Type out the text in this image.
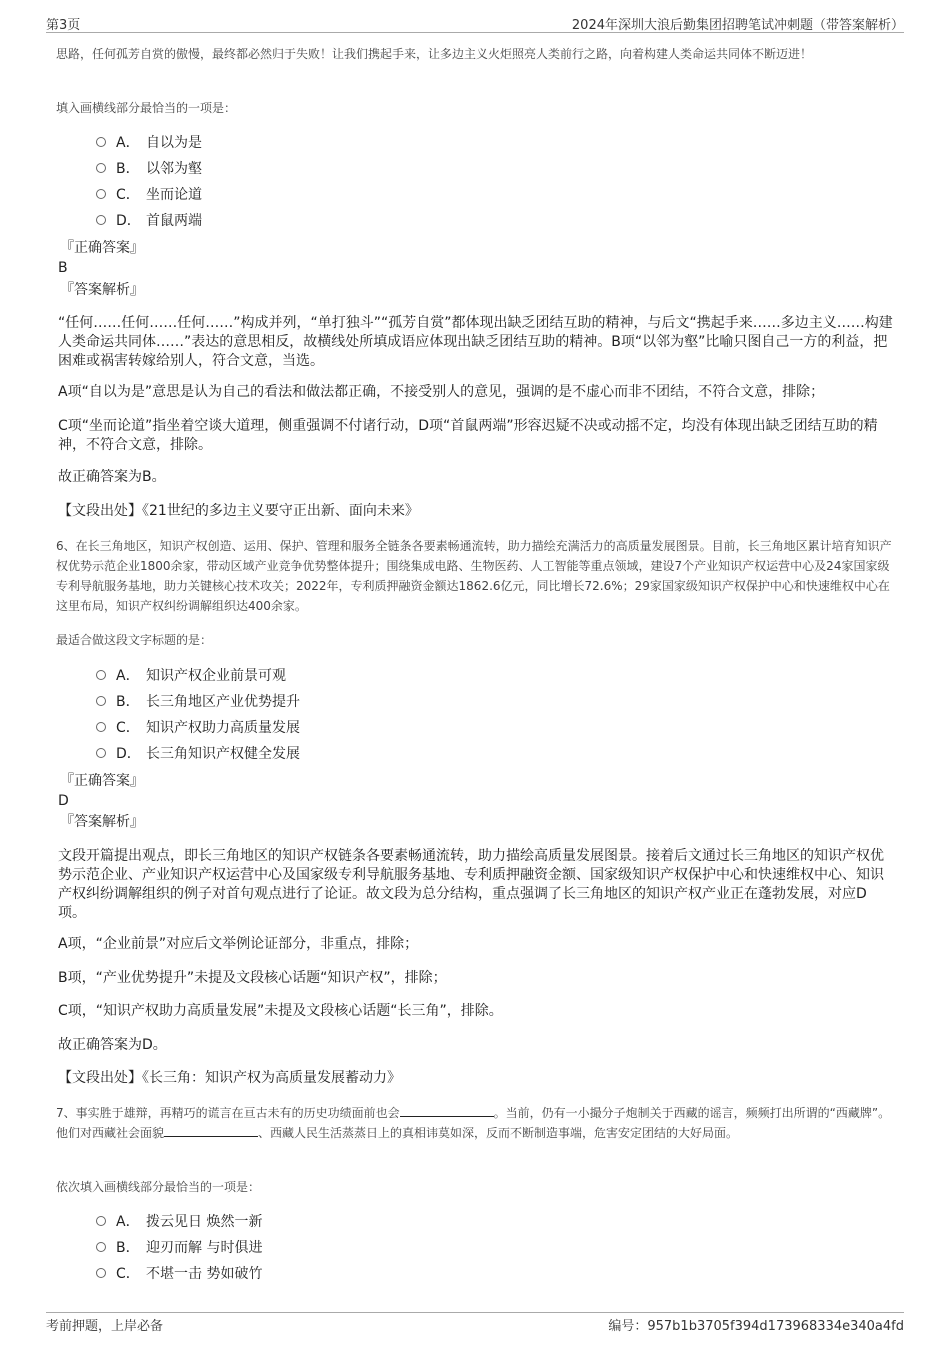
第3页	2024年深圳大浪后勤集团招聘笔试冲刺题（带答案解析）

思路，任何孤芳自赏的傲慢，最终都必然归于失败！让我们携起手来，让多边主义火炬照亮人类前行之路，向着构建人类命运共同体不断迈进！

填入画横线部分最恰当的一项是：

A． 自以为是
B． 以邻为壑
C． 坐而论道
D． 首鼠两端
『正确答案』
B
『答案解析』

“任何……任何……任何……”构成并列，“单打独斗”“孤芳自赏”都体现出缺乏团结互助的精神，与后文“携起手来……多边主义……构建人类命运共同体……”表达的意思相反，故横线处所填成语应体现出缺乏团结互助的精神。B项“以邻为壑”比喻只图自己一方的利益，把困难或祸害转嫁给别人，符合文意，当选。

A项“自以为是”意思是认为自己的看法和做法都正确，不接受别人的意见，强调的是不虚心而非不团结，不符合文意，排除；

C项“坐而论道”指坐着空谈大道理，侧重强调不付诸行动，D项“首鼠两端”形容迟疑不决或动摇不定，均没有体现出缺乏团结互助的精神，不符合文意，排除。

故正确答案为B。

【文段出处】《21世纪的多边主义要守正出新、面向未来》

6、在长三角地区，知识产权创造、运用、保护、管理和服务全链条各要素畅通流转，助力描绘充满活力的高质量发展图景。目前，长三角地区累计培育知识产权优势示范企业1800余家，带动区域产业竞争优势整体提升；围绕集成电路、生物医药、人工智能等重点领域，建设7个产业知识产权运营中心及24家国家级专利导航服务基地，助力关键核心技术攻关；2022年，专利质押融资金额达1862.6亿元，同比增长72.6%；29家国家级知识产权保护中心和快速维权中心在这里布局，知识产权纠纷调解组织达400余家。

最适合做这段文字标题的是：

A． 知识产权企业前景可观
B． 长三角地区产业优势提升
C． 知识产权助力高质量发展
D． 长三角知识产权健全发展
『正确答案』
D
『答案解析』

文段开篇提出观点，即长三角地区的知识产权链条各要素畅通流转，助力描绘高质量发展图景。接着后文通过长三角地区的知识产权优势示范企业、产业知识产权运营中心及国家级专利导航服务基地、专利质押融资金额、国家级知识产权保护中心和快速维权中心、知识产权纠纷调解组织的例子对首句观点进行了论证。故文段为总分结构，重点强调了长三角地区的知识产权产业正在蓬勃发展，对应D项。

A项，“企业前景”对应后文举例论证部分，非重点，排除；

B项，“产业优势提升”未提及文段核心话题“知识产权”，排除；

C项，“知识产权助力高质量发展”未提及文段核心话题“长三角”，排除。

故正确答案为D。

【文段出处】《长三角：知识产权为高质量发展蓄动力》

7、事实胜于雄辩，再精巧的谎言在亘古未有的历史功绩面前也会	。当前，仍有一小撮分子炮制关于西藏的谣言，频频打出所谓的“西藏牌”。他们对西藏社会面貌	、西藏人民生活蒸蒸日上的真相讳莫如深，反而不断制造事端，危害安定团结的大好局面。

依次填入画横线部分最恰当的一项是：

A． 拨云见日 焕然一新
B． 迎刃而解 与时俱进
C． 不堪一击 势如破竹
考前押题，上岸必备	编号：957b1b3705f394d173968334e340a4fd
